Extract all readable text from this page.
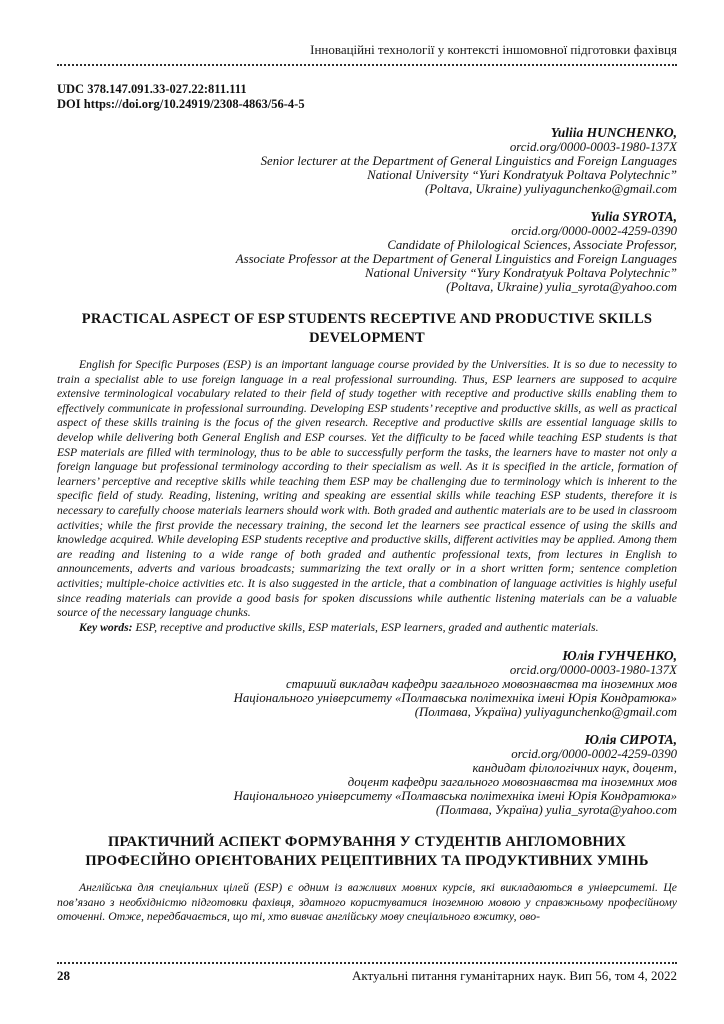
Інноваційні технології у контексті іншомовної підготовки фахівця
UDC 378.147.091.33-027.22:811.111
DOI https://doi.org/10.24919/2308-4863/56-4-5
Yuliia HUNCHENKO,
orcid.org/0000-0003-1980-137X
Senior lecturer at the Department of General Linguistics and Foreign Languages
National University “Yuri Kondratyuk Poltava Polytechnic”
(Poltava, Ukraine) yuliyagunchenko@gmail.com
Yulia SYROTA,
orcid.org/0000-0002-4259-0390
Candidate of Philological Sciences, Associate Professor,
Associate Professor at the Department of General Linguistics and Foreign Languages
National University “Yury Kondratyuk Poltava Polytechnic”
(Poltava, Ukraine) yulia_syrota@yahoo.com
PRACTICAL ASPECT OF ESP STUDENTS RECEPTIVE AND PRODUCTIVE SKILLS DEVELOPMENT

English for Specific Purposes (ESP) is an important language course provided by the Universities. It is so due to necessity to train a specialist able to use foreign language in a real professional surrounding. Thus, ESP learners are supposed to acquire extensive terminological vocabulary related to their field of study together with receptive and productive skills enabling them to effectively communicate in professional surrounding. Developing ESP students’ receptive and productive skills, as well as practical aspect of these skills training is the focus of the given research. Receptive and productive skills are essential language skills to develop while delivering both General English and ESP courses. Yet the difficulty to be faced while teaching ESP students is that ESP materials are filled with terminology, thus to be able to successfully perform the tasks, the learners have to master not only a foreign language but professional terminology according to their specialism as well. As it is specified in the article, formation of learners’ perceptive and receptive skills while teaching them ESP may be challenging due to terminology which is inherent to the specific field of study. Reading, listening, writing and speaking are essential skills while teaching ESP students, therefore it is necessary to carefully choose materials learners should work with. Both graded and authentic materials are to be used in classroom activities; while the first provide the necessary training, the second let the learners see practical essence of using the skills and knowledge acquired. While developing ESP students receptive and productive skills, different activities may be applied. Among them are reading and listening to a wide range of both graded and authentic professional texts, from lectures in English to announcements, adverts and various broadcasts; summarizing the text orally or in a short written form; sentence completion activities; multiple-choice activities etc. It is also suggested in the article, that a combination of language activities is highly useful since reading materials can provide a good basis for spoken discussions while authentic listening materials can be a valuable source of the necessary language chunks.

Key words: ESP, receptive and productive skills, ESP materials, ESP learners, graded and authentic materials.

Юлія ГУНЧЕНКО,
orcid.org/0000-0003-1980-137X
старший викладач кафедри загального мовознавства та іноземних мов
Національного університету «Полтавська політехніка імені Юрія Кондратюка»
(Полтава, Україна) yuliyagunchenko@gmail.com
Юлія СИРОТА,
orcid.org/0000-0002-4259-0390
кандидат філологічних наук, доцент,
доцент кафедри загального мовознавства та іноземних мов
Національного університету «Полтавська політехніка імені Юрія Кондратюка»
(Полтава, Україна) yulia_syrota@yahoo.com
ПРАКТИЧНИЙ АСПЕКТ ФОРМУВАННЯ У СТУДЕНТІВ АНГЛОМОВНИХ ПРОФЕСІЙНО ОРІЄНТОВАНИХ РЕЦЕПТИВНИХ ТА ПРОДУКТИВНИХ УМІНЬ

Англійська для спеціальних цілей (ESP) є одним із важливих мовних курсів, які викладаються в університеті. Це пов’язано з необхідністю підготовки фахівця, здатного користуватися іноземною мовою у справжньому професійному оточенні. Отже, передбачається, що ті, хто вивчає англійську мову спеціального вжитку, ово-

28	Актуальні питання гуманітарних наук. Вип 56, том 4, 2022
